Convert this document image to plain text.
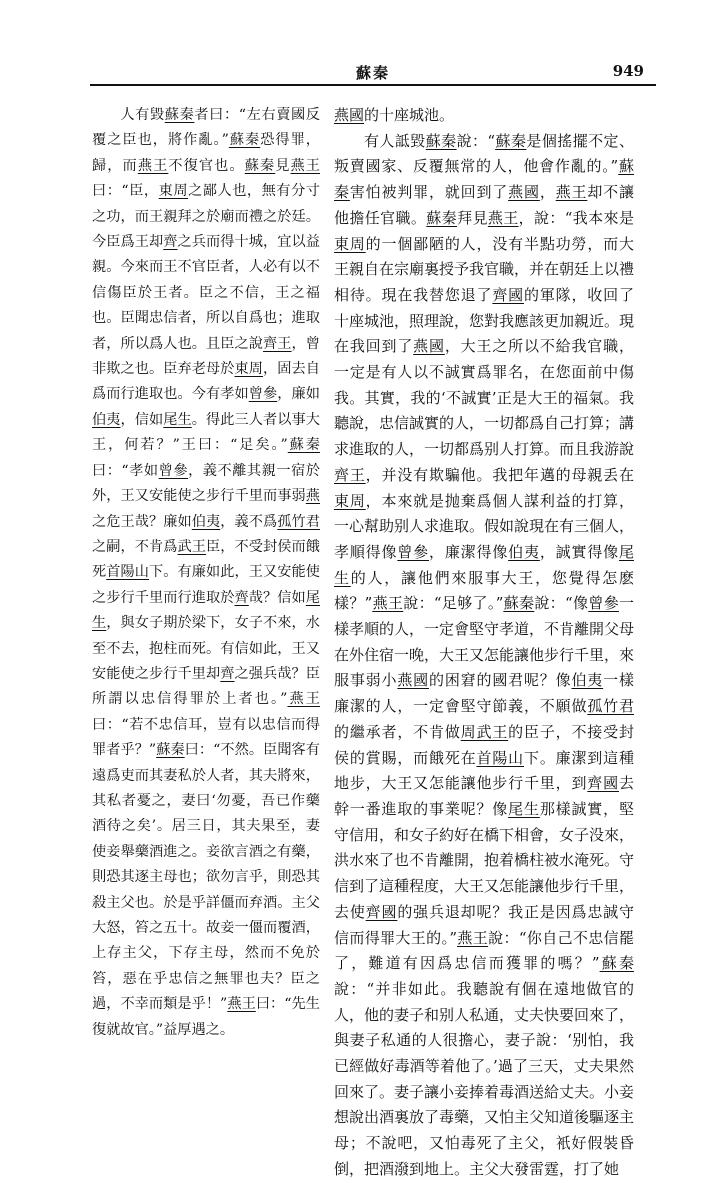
蘇秦	949

人有毀蘇秦者曰：“左右賣國反覆之臣也，將作亂。”蘇秦恐得罪，歸，而燕王不復官也。蘇秦見燕王曰：“臣，東周之鄙人也，無有分寸之功，而王親拜之於廟而禮之於廷。今臣爲王却齊之兵而得十城，宜以益親。今來而王不官臣者，人必有以不信傷臣於王者。臣之不信，王之福也。臣聞忠信者，所以自爲也；進取者，所以爲人也。且臣之說齊王，曾非欺之也。臣弃老母於東周，固去自爲而行進取也。今有孝如曾參，廉如伯夷，信如尾生。得此三人者以事大王，何若？”王曰：“足矣。”蘇秦曰：“孝如曾參，義不離其親一宿於外，王又安能使之步行千里而事弱燕之危王哉？廉如伯夷，義不爲孤竹君之嗣，不肯爲武王臣，不受封侯而餓死首陽山下。有廉如此，王又安能使之步行千里而行進取於齊哉？信如尾生，與女子期於梁下，女子不來，水至不去，抱柱而死。有信如此，王又安能使之步行千里却齊之强兵哉？臣所謂以忠信得罪於上者也。”燕王曰：“若不忠信耳，豈有以忠信而得罪者乎？”蘇秦曰：“不然。臣聞客有遠爲吏而其妻私於人者，其夫將來，其私者憂之，妻曰‘勿憂，吾已作藥酒待之矣’。居三日，其夫果至，妻使妾舉藥酒進之。妾欲言酒之有藥，則恐其逐主母也；欲勿言乎，則恐其殺主父也。於是乎詳僵而弃酒。主父大怒，笞之五十。故妾一僵而覆酒，上存主父，下存主母，然而不免於笞，惡在乎忠信之無罪也夫？臣之過，不幸而類是乎！”燕王曰：“先生復就故官。”益厚遇之。

燕國的十座城池。

有人詆毀蘇秦說：“蘇秦是個搖擺不定、叛賣國家、反覆無常的人，他會作亂的。”蘇秦害怕被判罪，就回到了燕國，燕王却不讓他擔任官職。蘇秦拜見燕王，說：“我本來是東周的一個鄙陋的人，没有半點功勞，而大王親自在宗廟裏授予我官職，并在朝廷上以禮相待。現在我替您退了齊國的軍隊，收回了十座城池，照理說，您對我應該更加親近。現在我回到了燕國，大王之所以不給我官職，一定是有人以不誠實爲罪名，在您面前中傷我。其實，我的‘不誠實’正是大王的福氣。我聽說，忠信誠實的人，一切都爲自己打算；講求進取的人，一切都爲别人打算。而且我游說齊王，并没有欺騙他。我把年邁的母親丢在東周，本來就是抛棄爲個人謀利益的打算，一心幫助别人求進取。假如說現在有三個人，孝順得像曾參，廉潔得像伯夷，誠實得像尾生的人，讓他們來服事大王，您覺得怎麽樣？”燕王說：“足够了。”蘇秦說：“像曾參一樣孝順的人，一定會堅守孝道，不肯離開父母在外住宿一晚，大王又怎能讓他步行千里，來服事弱小燕國的困窘的國君呢？像伯夷一樣廉潔的人，一定會堅守節義，不願做孤竹君的繼承者，不肯做周武王的臣子，不接受封侯的賞賜，而餓死在首陽山下。廉潔到這種地步，大王又怎能讓他步行千里，到齊國去幹一番進取的事業呢？像尾生那樣誠實，堅守信用，和女子約好在橋下相會，女子没來，洪水來了也不肯離開，抱着橋柱被水淹死。守信到了這種程度，大王又怎能讓他步行千里，去使齊國的强兵退却呢？我正是因爲忠誠守信而得罪大王的。”燕王說：“你自己不忠信罷了，難道有因爲忠信而獲罪的嗎？”蘇秦說：“并非如此。我聽說有個在遠地做官的人，他的妻子和别人私通，丈夫快要回來了，與妻子私通的人很擔心，妻子說：‘别怕，我已經做好毒酒等着他了。’過了三天，丈夫果然回來了。妻子讓小妾捧着毒酒送給丈夫。小妾想說出酒裏放了毒藥，又怕主父知道後驅逐主母；不說吧，又怕毒死了主父，衹好假裝昏倒，把酒潑到地上。主父大發雷霆，打了她
